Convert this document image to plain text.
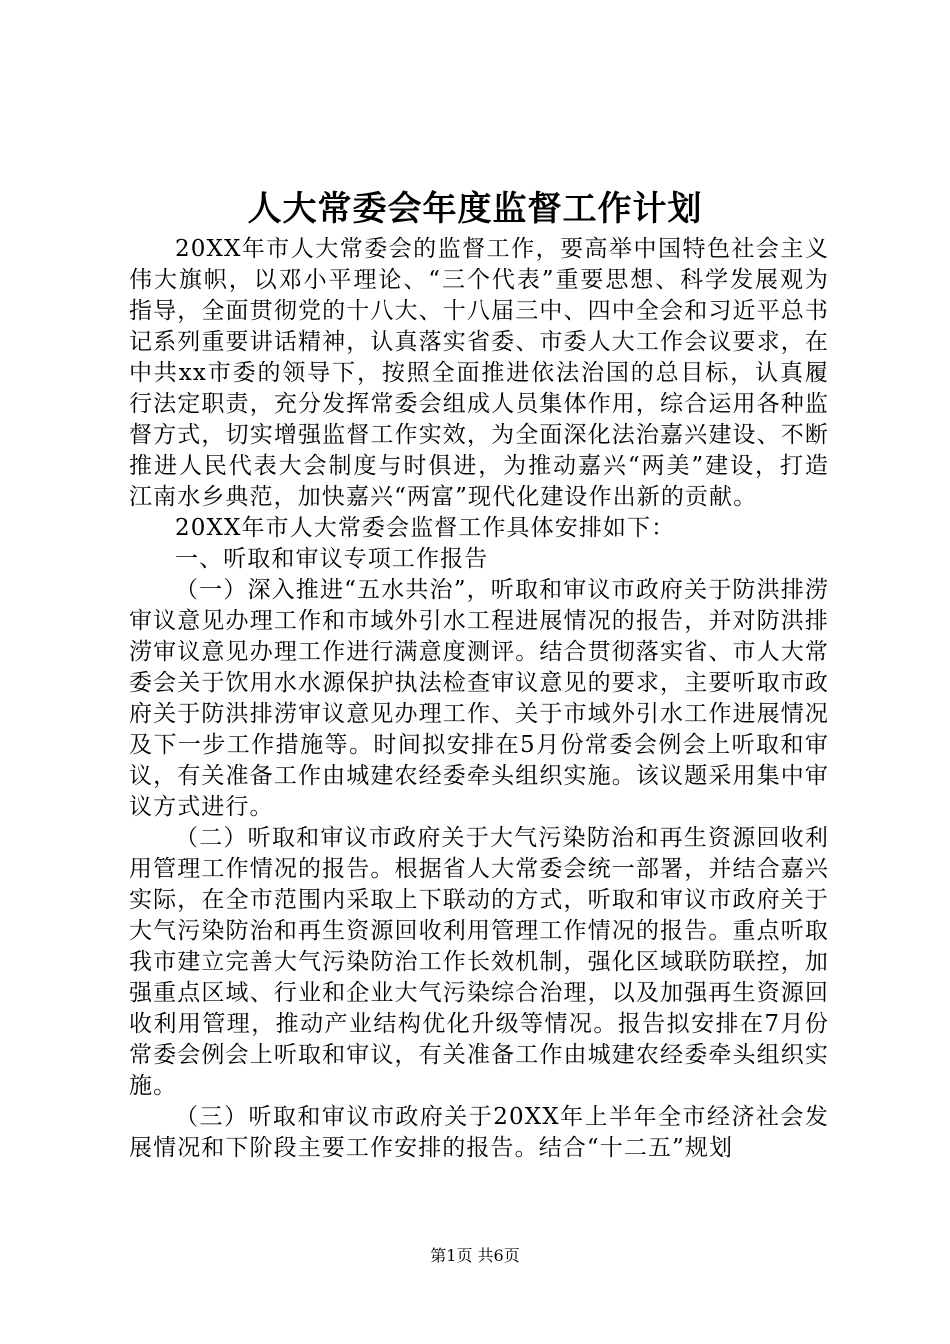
人大常委会年度监督工作计划

20XX年市人大常委会的监督工作，要高举中国特色社会主义伟大旗帜，以邓小平理论、“三个代表”重要思想、科学发展观为指导，全面贯彻党的十八大、十八届三中、四中全会和习近平总书记系列重要讲话精神，认真落实省委、市委人大工作会议要求，在中共xx市委的领导下，按照全面推进依法治国的总目标，认真履行法定职责，充分发挥常委会组成人员集体作用，综合运用各种监督方式，切实增强监督工作实效，为全面深化法治嘉兴建设、不断推进人民代表大会制度与时俱进，为推动嘉兴“两美”建设，打造江南水乡典范，加快嘉兴“两富”现代化建设作出新的贡献。

20XX年市人大常委会监督工作具体安排如下：

一、听取和审议专项工作报告

（一）深入推进“五水共治”，听取和审议市政府关于防洪排涝审议意见办理工作和市域外引水工程进展情况的报告，并对防洪排涝审议意见办理工作进行满意度测评。结合贯彻落实省、市人大常委会关于饮用水水源保护执法检查审议意见的要求，主要听取市政府关于防洪排涝审议意见办理工作、关于市域外引水工作进展情况及下一步工作措施等。时间拟安排在5月份常委会例会上听取和审议，有关准备工作由城建农经委牵头组织实施。该议题采用集中审议方式进行。

（二）听取和审议市政府关于大气污染防治和再生资源回收利用管理工作情况的报告。根据省人大常委会统一部署，并结合嘉兴实际，在全市范围内采取上下联动的方式，听取和审议市政府关于大气污染防治和再生资源回收利用管理工作情况的报告。重点听取我市建立完善大气污染防治工作长效机制，强化区域联防联控，加强重点区域、行业和企业大气污染综合治理，以及加强再生资源回收利用管理，推动产业结构优化升级等情况。报告拟安排在7月份常委会例会上听取和审议，有关准备工作由城建农经委牵头组织实施。

（三）听取和审议市政府关于20XX年上半年全市经济社会发展情况和下阶段主要工作安排的报告。结合“十二五”规划

第1页 共6页
